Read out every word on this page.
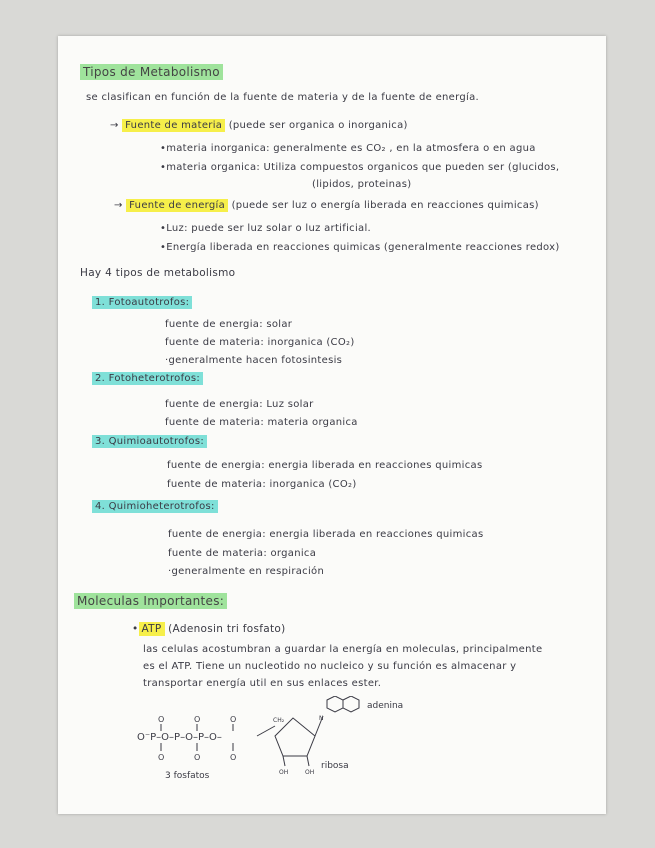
Tipos de Metabolismo
se clasifican en función de la fuente de materia y de la fuente de energía.
→ Fuente de materia (puede ser organica o inorganica)
•materia inorganica: generalmente es CO₂ , en la atmosfera o en agua
•materia organica: Utiliza compuestos organicos que pueden ser (glucidos,
(lipidos, proteinas)
→ Fuente de energía (puede ser luz o energía liberada en reacciones quimicas)
•Luz: puede ser luz solar o luz artificial.
•Energía liberada en reacciones quimicas (generalmente reacciones redox)
Hay 4 tipos de metabolismo
1. Fotoautotrofos:
fuente de energia: solar
fuente de materia: inorganica (CO₂)
·generalmente hacen fotosintesis
2. Fotoheterotrofos:
fuente de energia: Luz solar
fuente de materia: materia organica
3. Quimioautotrofos:
fuente de energia: energia liberada en reacciones quimicas
fuente de materia: inorganica (CO₂)
4. Quimioheterotrofos:
fuente de energia: energia liberada en reacciones quimicas
fuente de materia: organica
·generalmente en respiración
Moleculas Importantes:
• ATP (Adenosin tri fosfato)
las celulas acostumbran a guardar la energía en moleculas, principalmente
es el ATP. Tiene un nucleotido no nucleico y su función es almacenar y
transportar energía util en sus enlaces ester.
O⁻P–O–P–O–P–O–
O	O	O
O	O	O
CH₂
OH	OH
N
adenina
ribosa
3 fosfatos
